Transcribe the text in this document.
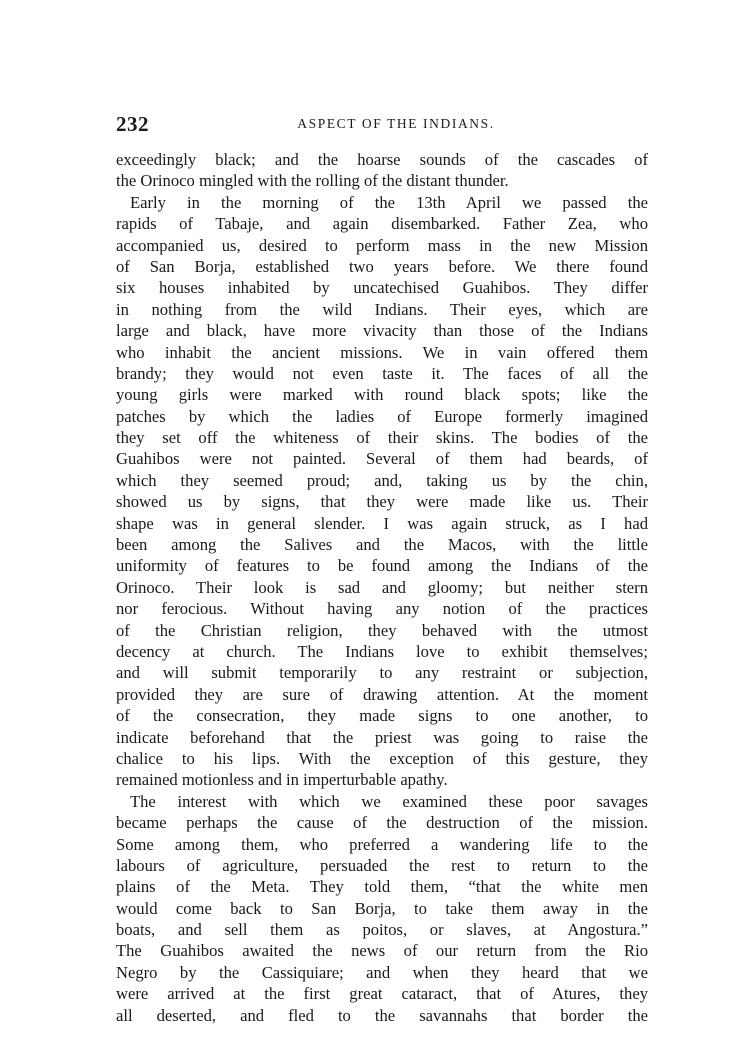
232	ASPECT OF THE INDIANS.
exceedingly black; and the hoarse sounds of the cascades of
the Orinoco mingled with the rolling of the distant thunder.
Early in the morning of the 13th April we passed the
rapids of Tabaje, and again disembarked. Father Zea, who
accompanied us, desired to perform mass in the new Mission
of San Borja, established two years before. We there found
six houses inhabited by uncatechised Guahibos. They differ
in nothing from the wild Indians. Their eyes, which are
large and black, have more vivacity than those of the Indians
who inhabit the ancient missions. We in vain offered them
brandy; they would not even taste it. The faces of all the
young girls were marked with round black spots; like the
patches by which the ladies of Europe formerly imagined
they set off the whiteness of their skins. The bodies of the
Guahibos were not painted. Several of them had beards, of
which they seemed proud; and, taking us by the chin,
showed us by signs, that they were made like us. Their
shape was in general slender. I was again struck, as I had
been among the Salives and the Macos, with the little
uniformity of features to be found among the Indians of the
Orinoco. Their look is sad and gloomy; but neither stern
nor ferocious. Without having any notion of the practices
of the Christian religion, they behaved with the utmost
decency at church. The Indians love to exhibit themselves;
and will submit temporarily to any restraint or subjection,
provided they are sure of drawing attention. At the moment
of the consecration, they made signs to one another, to
indicate beforehand that the priest was going to raise the
chalice to his lips. With the exception of this gesture, they
remained motionless and in imperturbable apathy.
The interest with which we examined these poor savages
became perhaps the cause of the destruction of the mission.
Some among them, who preferred a wandering life to the
labours of agriculture, persuaded the rest to return to the
plains of the Meta. They told them, “that the white men
would come back to San Borja, to take them away in the
boats, and sell them as poitos, or slaves, at Angostura.”
The Guahibos awaited the news of our return from the Rio
Negro by the Cassiquiare; and when they heard that we
were arrived at the first great cataract, that of Atures, they
all deserted, and fled to the savannahs that border the
